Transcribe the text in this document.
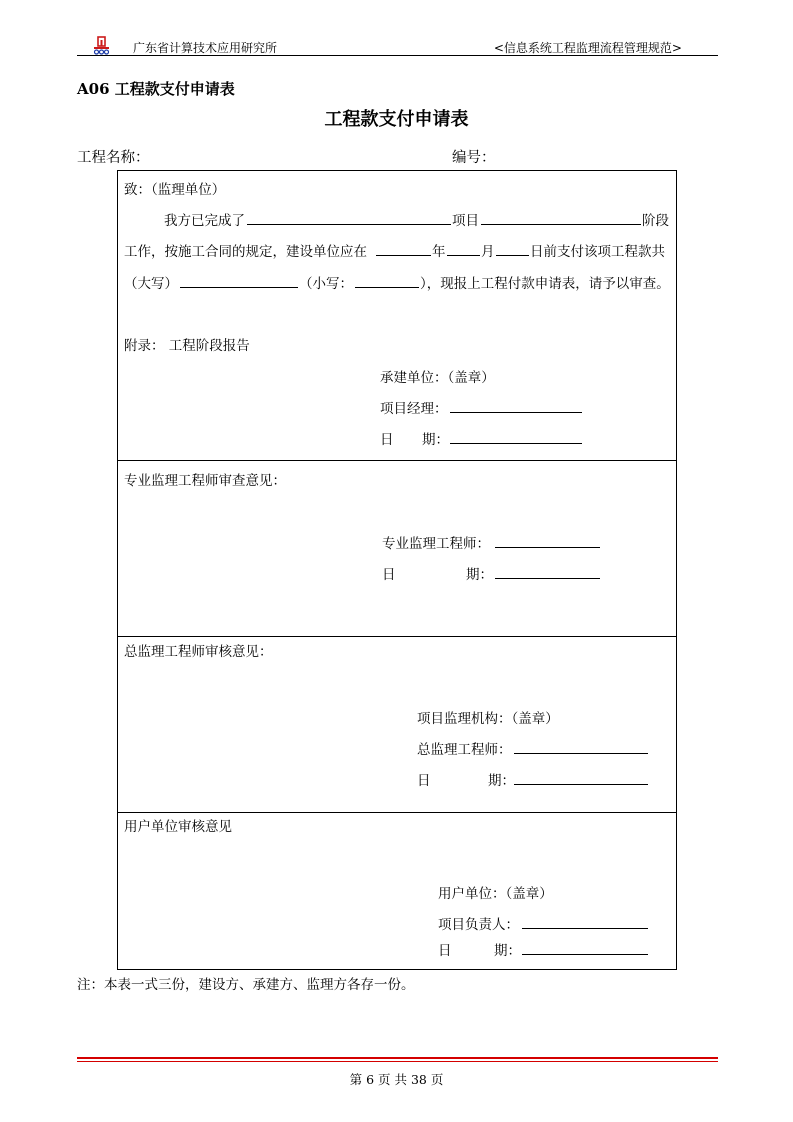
广东省计算技术应用研究所	<信息系统工程监理流程管理规范>
A06 工程款支付申请表
工程款支付申请表
工程名称：	编号：
致：（监理单位）
我方已完成了	项目	阶段
工作，按施工合同的规定，建设单位应在	年	月	日前支付该项工程款共
（大写）	（小写：	），现报上工程付款申请表，请予以审查。
附录： 工程阶段报告
承建单位：（盖章）
项目经理：
日 期：
专业监理工程师审查意见：
专业监理工程师：
日	期：
总监理工程师审核意见：
项目监理机构：（盖章）
总监理工程师：
日	期：
用户单位审核意见
用户单位：（盖章）
项目负责人：
日	期：
注：本表一式三份，建设方、承建方、监理方各存一份。
第 6 页 共 38 页
